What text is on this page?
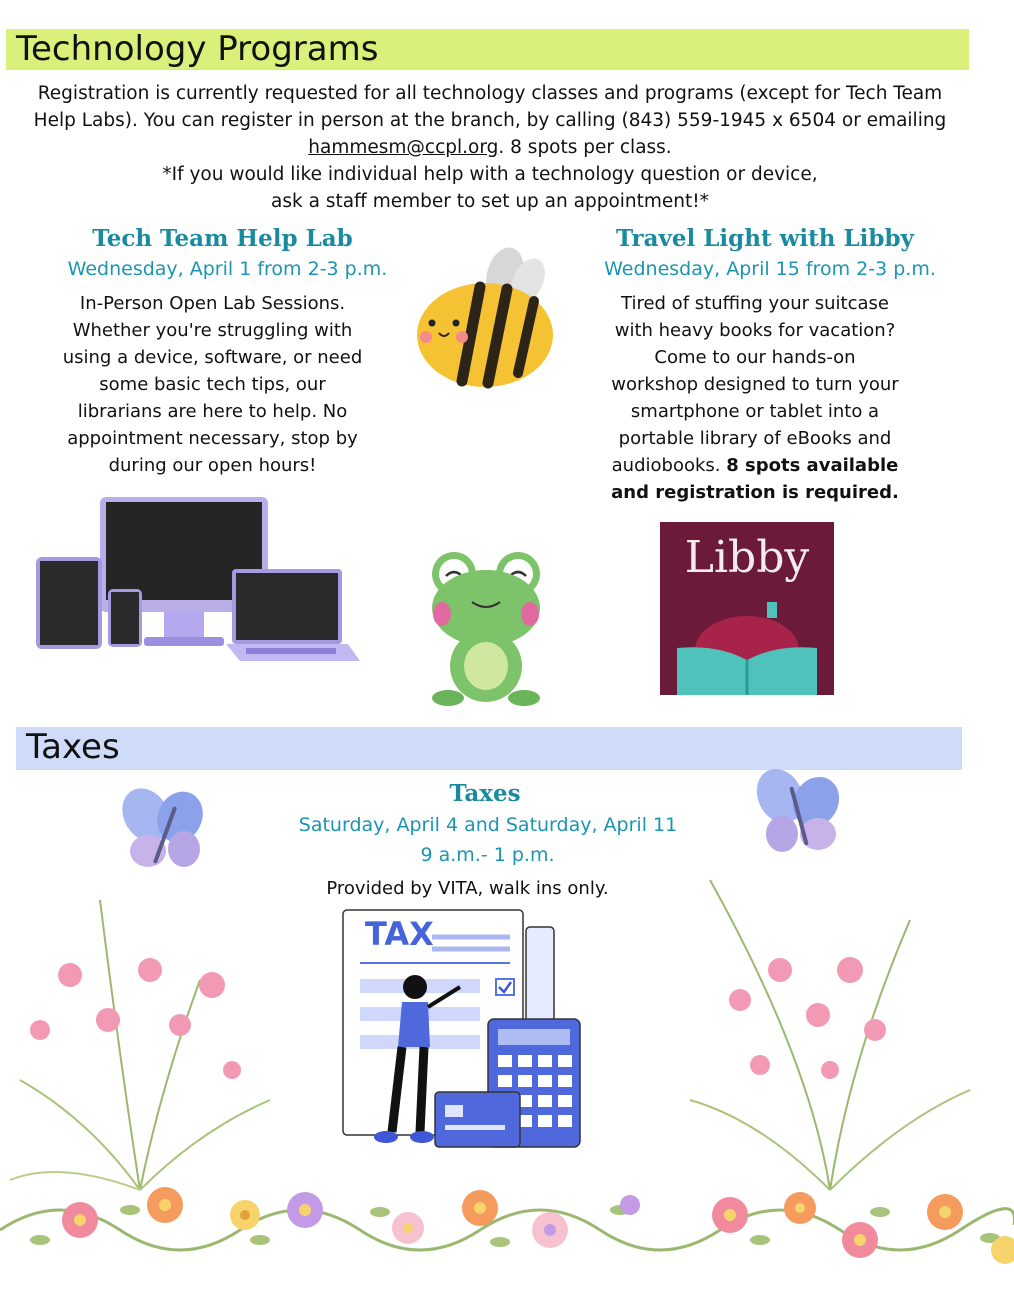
Technology Programs
Registration is currently requested for all technology classes and programs (except for Tech Team
Help Labs). You can register in person at the branch, by calling (843) 559-1945 x 6504 or emailing
hammesm@ccpl.org. 8 spots per class.
*If you would like individual help with a technology question or device,
ask a staff member to set up an appointment!*
Tech Team Help Lab
Wednesday, April 1 from 2-3 p.m.
In-Person Open Lab Sessions.
Whether you're struggling with
using a device, software, or need
some basic tech tips, our
librarians are here to help. No
appointment necessary, stop by
during our open hours!
Travel Light with Libby
Wednesday, April 15 from 2-3 p.m.
Tired of stuffing your suitcase
with heavy books for vacation?
Come to our hands-on
workshop designed to turn your
smartphone or tablet into a
portable library of eBooks and
audiobooks. 8 spots available
and registration is required.
Libby
Taxes
Taxes
Saturday, April 4 and Saturday, April 11
9 a.m.- 1 p.m.
Provided by VITA, walk ins only.
TAX
